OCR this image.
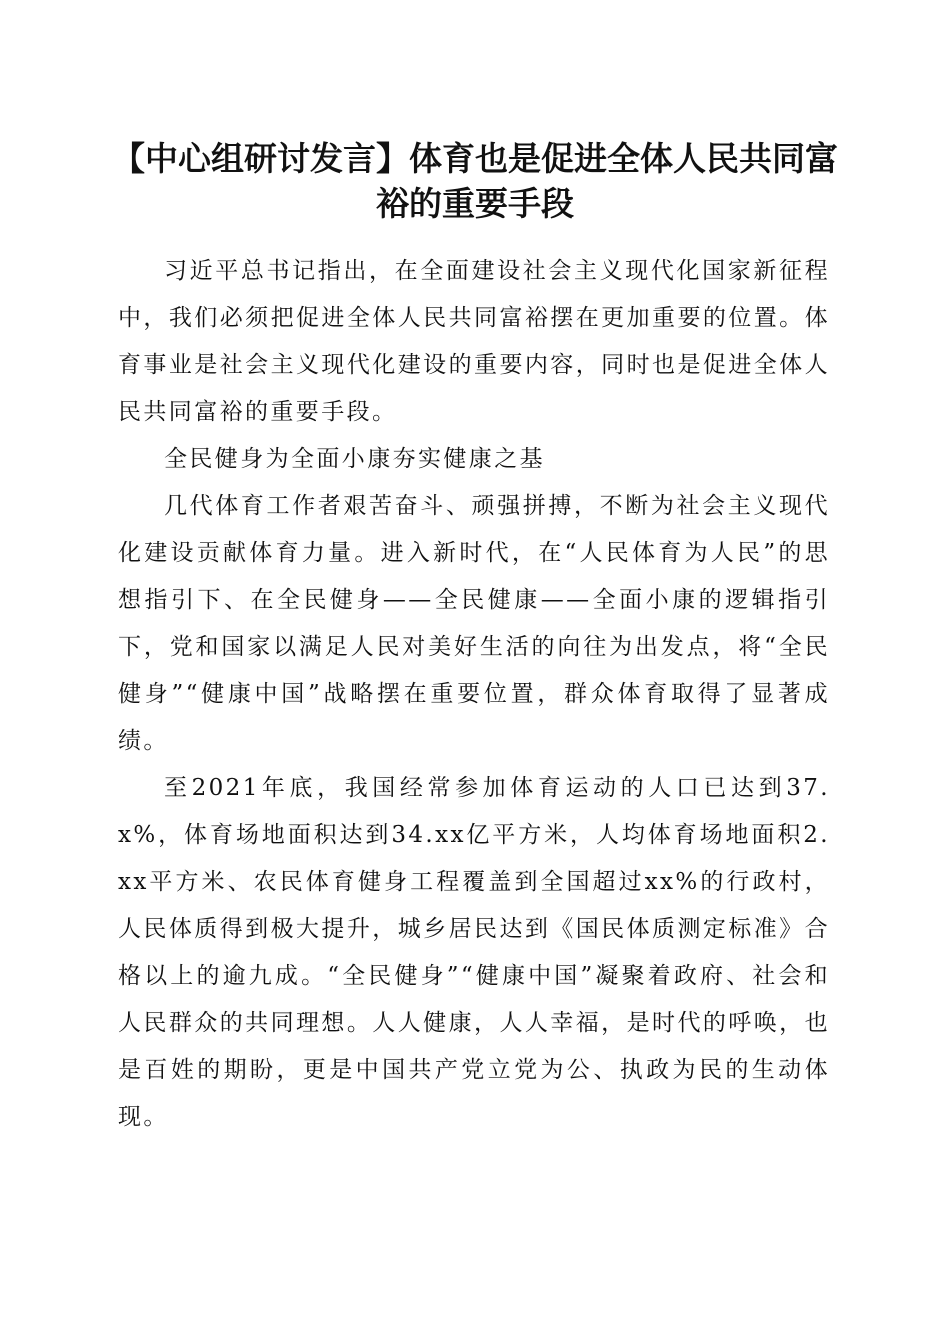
【中心组研讨发言】体育也是促进全体人民共同富裕的重要手段

习近平总书记指出，在全面建设社会主义现代化国家新征程中，我们必须把促进全体人民共同富裕摆在更加重要的位置。体育事业是社会主义现代化建设的重要内容，同时也是促进全体人民共同富裕的重要手段。

全民健身为全面小康夯实健康之基

几代体育工作者艰苦奋斗、顽强拼搏，不断为社会主义现代化建设贡献体育力量。进入新时代，在“人民体育为人民”的思想指引下、在全民健身——全民健康——全面小康的逻辑指引下，党和国家以满足人民对美好生活的向往为出发点，将“全民健身”“健康中国”战略摆在重要位置，群众体育取得了显著成绩。

至2021年底，我国经常参加体育运动的人口已达到37.x%，体育场地面积达到34.xx亿平方米，人均体育场地面积2.xx平方米、农民体育健身工程覆盖到全国超过xx%的行政村，人民体质得到极大提升，城乡居民达到《国民体质测定标准》合格以上的逾九成。“全民健身”“健康中国”凝聚着政府、社会和人民群众的共同理想。人人健康，人人幸福，是时代的呼唤，也是百姓的期盼，更是中国共产党立党为公、执政为民的生动体现。
